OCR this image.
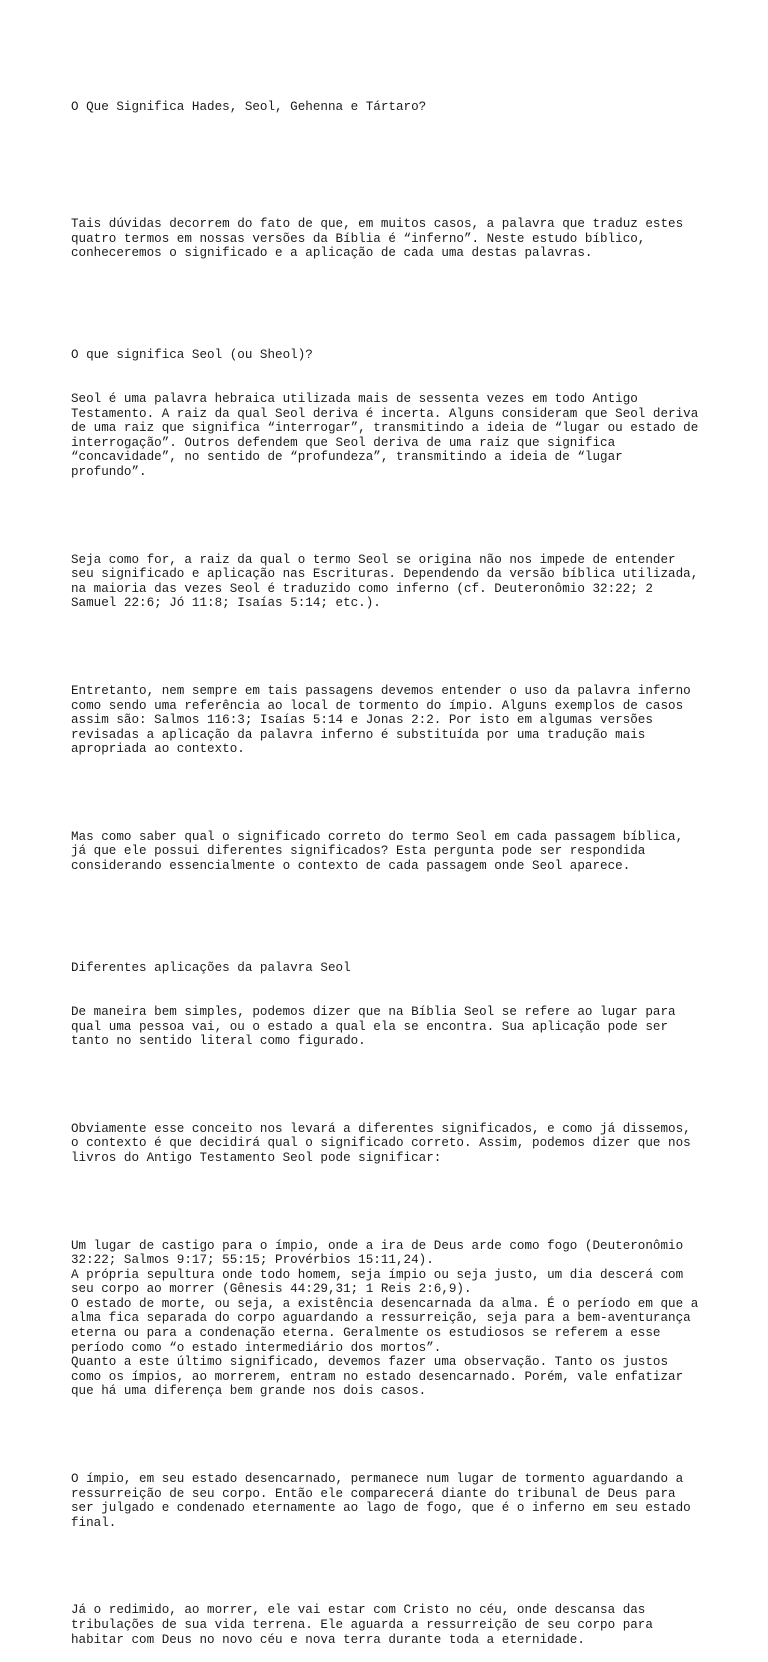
O Que Significa Hades, Seol, Gehenna e Tártaro?

Tais dúvidas decorrem do fato de que, em muitos casos, a palavra que traduz estes
quatro termos em nossas versões da Bíblia é “inferno”. Neste estudo bíblico,
conheceremos o significado e a aplicação de cada uma destas palavras.

O que significa Seol (ou Sheol)?

Seol é uma palavra hebraica utilizada mais de sessenta vezes em todo Antigo
Testamento. A raiz da qual Seol deriva é incerta. Alguns consideram que Seol deriva
de uma raiz que significa “interrogar”, transmitindo a ideia de “lugar ou estado de
interrogação”. Outros defendem que Seol deriva de uma raiz que significa
“concavidade”, no sentido de “profundeza”, transmitindo a ideia de “lugar
profundo”.

Seja como for, a raiz da qual o termo Seol se origina não nos impede de entender
seu significado e aplicação nas Escrituras. Dependendo da versão bíblica utilizada,
na maioria das vezes Seol é traduzido como inferno (cf. Deuteronômio 32:22; 2
Samuel 22:6; Jó 11:8; Isaías 5:14; etc.).

Entretanto, nem sempre em tais passagens devemos entender o uso da palavra inferno
como sendo uma referência ao local de tormento do ímpio. Alguns exemplos de casos
assim são: Salmos 116:3; Isaías 5:14 e Jonas 2:2. Por isto em algumas versões
revisadas a aplicação da palavra inferno é substituída por uma tradução mais
apropriada ao contexto.

Mas como saber qual o significado correto do termo Seol em cada passagem bíblica,
já que ele possui diferentes significados? Esta pergunta pode ser respondida
considerando essencialmente o contexto de cada passagem onde Seol aparece.

Diferentes aplicações da palavra Seol

De maneira bem simples, podemos dizer que na Bíblia Seol se refere ao lugar para
qual uma pessoa vai, ou o estado a qual ela se encontra. Sua aplicação pode ser
tanto no sentido literal como figurado.

Obviamente esse conceito nos levará a diferentes significados, e como já dissemos,
o contexto é que decidirá qual o significado correto. Assim, podemos dizer que nos
livros do Antigo Testamento Seol pode significar:

Um lugar de castigo para o ímpio, onde a ira de Deus arde como fogo (Deuteronômio
32:22; Salmos 9:17; 55:15; Provérbios 15:11,24).
A própria sepultura onde todo homem, seja ímpio ou seja justo, um dia descerá com
seu corpo ao morrer (Gênesis 44:29,31; 1 Reis 2:6,9).
O estado de morte, ou seja, a existência desencarnada da alma. É o período em que a
alma fica separada do corpo aguardando a ressurreição, seja para a bem-aventurança
eterna ou para a condenação eterna. Geralmente os estudiosos se referem a esse
período como “o estado intermediário dos mortos”.
Quanto a este último significado, devemos fazer uma observação. Tanto os justos
como os ímpios, ao morrerem, entram no estado desencarnado. Porém, vale enfatizar
que há uma diferença bem grande nos dois casos.

O ímpio, em seu estado desencarnado, permanece num lugar de tormento aguardando a
ressurreição de seu corpo. Então ele comparecerá diante do tribunal de Deus para
ser julgado e condenado eternamente ao lago de fogo, que é o inferno em seu estado
final.

Já o redimido, ao morrer, ele vai estar com Cristo no céu, onde descansa das
tribulações de sua vida terrena. Ele aguarda a ressurreição de seu corpo para
habitar com Deus no novo céu e nova terra durante toda a eternidade.
